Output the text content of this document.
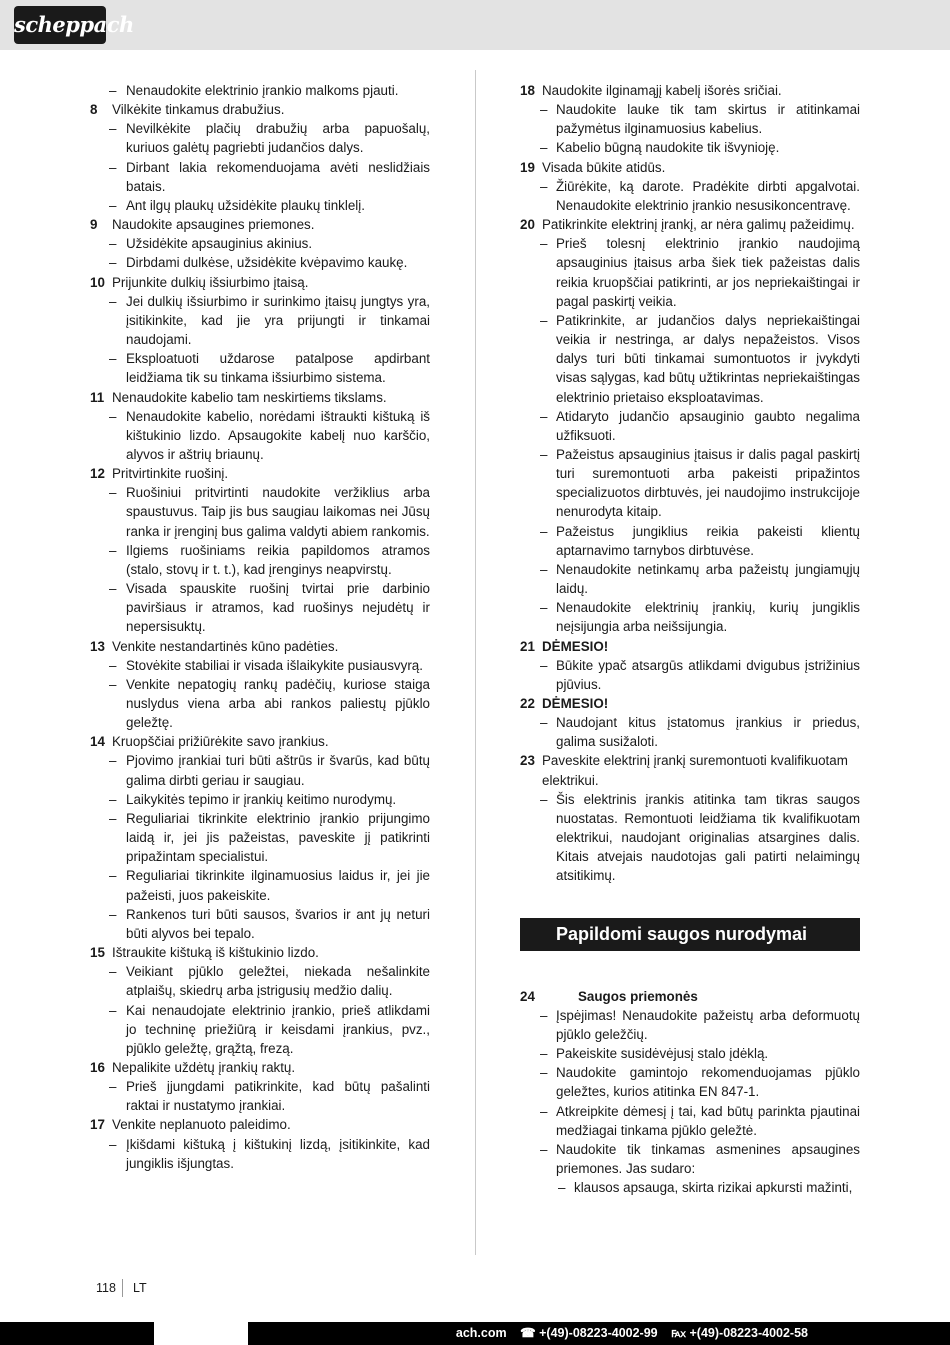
scheppach
– Nenaudokite elektrinio įrankio malkoms pjauti.
8 Vilkėkite tinkamus drabužius.
– Nevilkėkite plačių drabužių arba papuošalų, kuriuos galėtų pagriebti judančios dalys.
– Dirbant lakia rekomenduojama avėti neslidžiais batais.
– Ant ilgų plaukų užsidėkite plaukų tinklelį.
9 Naudokite apsaugines priemones.
– Užsidėkite apsauginius akinius.
– Dirbdami dulkėse, užsidėkite kvėpavimo kaukę.
10 Prijunkite dulkių išsiurbimo įtaisą.
– Jei dulkių išsiurbimo ir surinkimo įtaisų jungtys yra, įsitikinkite, kad jie yra prijungti ir tinkamai naudojami.
– Eksploatuoti uždarose patalpose apdirbant leidžiama tik su tinkama išsiurbimo sistema.
11 Nenaudokite kabelio tam neskirtiems tikslams.
– Nenaudokite kabelio, norėdami ištraukti kištuką iš kištukinio lizdo. Apsaugokite kabelį nuo karščio, alyvos ir aštrių briaunų.
12 Pritvirtinkite ruošinį.
– Ruošiniui pritvirtinti naudokite veržiklius arba spaustuvus. Taip jis bus saugiau laikomas nei Jūsų ranka ir įrenginį bus galima valdyti abiem rankomis.
– Ilgiems ruošiniams reikia papildomos atramos (stalo, stovų ir t. t.), kad įrenginys neapvirstų.
– Visada spauskite ruošinį tvirtai prie darbinio paviršiaus ir atramos, kad ruošinys nejudėtų ir nepersisuktų.
13 Venkite nestandartinės kūno padėties.
– Stovėkite stabiliai ir visada išlaikykite pusiausvyrą.
– Venkite nepatogių rankų padėčių, kuriose staiga nuslydus viena arba abi rankos paliestų pjūklo geležtę.
14 Kruopščiai prižiūrėkite savo įrankius.
– Pjovimo įrankiai turi būti aštrūs ir švarūs, kad būtų galima dirbti geriau ir saugiau.
– Laikykitės tepimo ir įrankių keitimo nurodymų.
– Reguliariai tikrinkite elektrinio įrankio prijungimo laidą ir, jei jis pažeistas, paveskite jį patikrinti pripažintam specialistui.
– Reguliariai tikrinkite ilginamuosius laidus ir, jei jie pažeisti, juos pakeiskite.
– Rankenos turi būti sausos, švarios ir ant jų neturi būti alyvos bei tepalo.
15 Ištraukite kištuką iš kištukinio lizdo.
– Veikiant pjūklo geležtei, niekada nešalinkite atplaišų, skiedrų arba įstrigusių medžio dalių.
– Kai nenaudojate elektrinio įrankio, prieš atlikdami jo techninę priežiūrą ir keisdami įrankius, pvz., pjūklo geležtę, grąžtą, frezą.
16 Nepalikite uždėtų įrankių raktų.
– Prieš įjungdami patikrinkite, kad būtų pašalinti raktai ir nustatymo įrankiai.
17 Venkite neplanuoto paleidimo.
– Įkišdami kištuką į kištukinį lizdą, įsitikinkite, kad jungiklis išjungtas.
18 Naudokite ilginamąjį kabelį išorės sričiai.
– Naudokite lauke tik tam skirtus ir atitinkamai pažymėtus ilginamuosius kabelius.
– Kabelio būgną naudokite tik išvynioję.
19 Visada būkite atidūs.
– Žiūrėkite, ką darote. Pradėkite dirbti apgalvotai. Nenaudokite elektrinio įrankio nesusikoncentravę.
20 Patikrinkite elektrinį įrankį, ar nėra galimų pažeidimų.
– Prieš tolesnį elektrinio įrankio naudojimą apsauginius įtaisus arba šiek tiek pažeistas dalis reikia kruopščiai patikrinti, ar jos nepriekaištingai ir pagal paskirtį veikia.
– Patikrinkite, ar judančios dalys nepriekaištingai veikia ir nestringa, ar dalys nepažeistos. Visos dalys turi būti tinkamai sumontuotos ir įvykdyti visas sąlygas, kad būtų užtikrintas nepriekaištingas elektrinio prietaiso eksploatavimas.
– Atidaryto judančio apsauginio gaubto negalima užfiksuoti.
– Pažeistus apsauginius įtaisus ir dalis pagal paskirtį turi suremontuoti arba pakeisti pripažintos specializuotos dirbtuvės, jei naudojimo instrukcijoje nenurodyta kitaip.
– Pažeistus jungiklius reikia pakeisti klientų aptarnavimo tarnybos dirbtuvėse.
– Nenaudokite netinkamų arba pažeistų jungiamųjų laidų.
– Nenaudokite elektrinių įrankių, kurių jungiklis neįsijungia arba neišsijungia.
21 DĖMESIO!
– Būkite ypač atsargūs atlikdami dvigubus įstrižinius pjūvius.
22 DĖMESIO!
– Naudojant kitus įstatomus įrankius ir priedus, galima susižaloti.
23 Paveskite elektrinį įrankį suremontuoti kvalifikuotam elektrikui.
– Šis elektrinis įrankis atitinka tam tikras saugos nuostatas. Remontuoti leidžiama tik kvalifikuotam elektrikui, naudojant originalias atsargines dalis. Kitais atvejais naudotojas gali patirti nelaimingų atsitikimų.
Papildomi saugos nurodymai
24	Saugos priemonės
– Įspėjimas! Nenaudokite pažeistų arba deformuotų pjūklo geležčių.
– Pakeiskite susidėvėjusį stalo įdėklą.
– Naudokite gamintojo rekomenduojamas pjūklo geležtes, kurios atitinka EN 847-1.
– Atkreipkite dėmesį į tai, kad būtų parinkta pjautinai medžiagai tinkama pjūklo geležtė.
– Naudokite tik tinkamas asmenines apsaugines priemones. Jas sudaro:
– klausos apsauga, skirta rizikai apkursti mažinti,
118 LT
ach.com ☎ +(49)-08223-4002-99 ℻ +(49)-08223-4002-58
